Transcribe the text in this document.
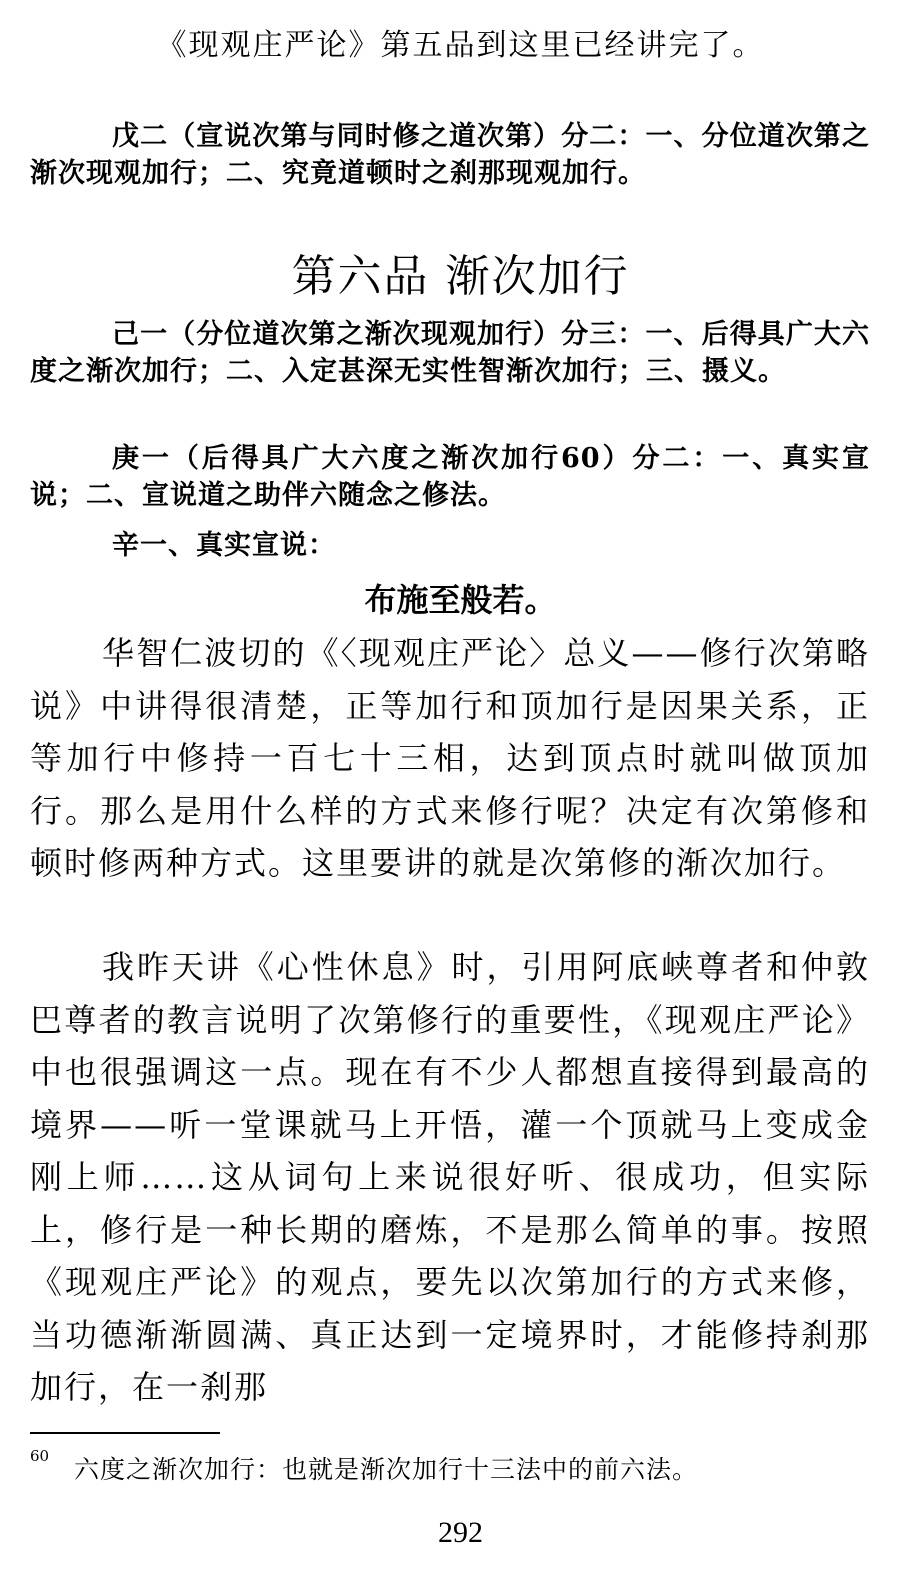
《现观庄严论》第五品到这里已经讲完了。
戊二（宣说次第与同时修之道次第）分二：一、分位道次第之渐次现观加行；二、究竟道顿时之刹那现观加行。
第六品 渐次加行
己一（分位道次第之渐次现观加行）分三：一、后得具广大六度之渐次加行；二、入定甚深无实性智渐次加行；三、摄义。
庚一（后得具广大六度之渐次加行60）分二：一、真实宣说；二、宣说道之助伴六随念之修法。
辛一、真实宣说：
布施至般若。
华智仁波切的《〈现观庄严论〉总义——修行次第略说》中讲得很清楚，正等加行和顶加行是因果关系，正等加行中修持一百七十三相，达到顶点时就叫做顶加行。那么是用什么样的方式来修行呢？决定有次第修和顿时修两种方式。这里要讲的就是次第修的渐次加行。
我昨天讲《心性休息》时，引用阿底峡尊者和仲敦巴尊者的教言说明了次第修行的重要性，《现观庄严论》中也很强调这一点。现在有不少人都想直接得到最高的境界——听一堂课就马上开悟，灌一个顶就马上变成金刚上师……这从词句上来说很好听、很成功，但实际上，修行是一种长期的磨炼，不是那么简单的事。按照《现观庄严论》的观点，要先以次第加行的方式来修，当功德渐渐圆满、真正达到一定境界时，才能修持刹那加行，在一刹那
60 六度之渐次加行：也就是渐次加行十三法中的前六法。
292
